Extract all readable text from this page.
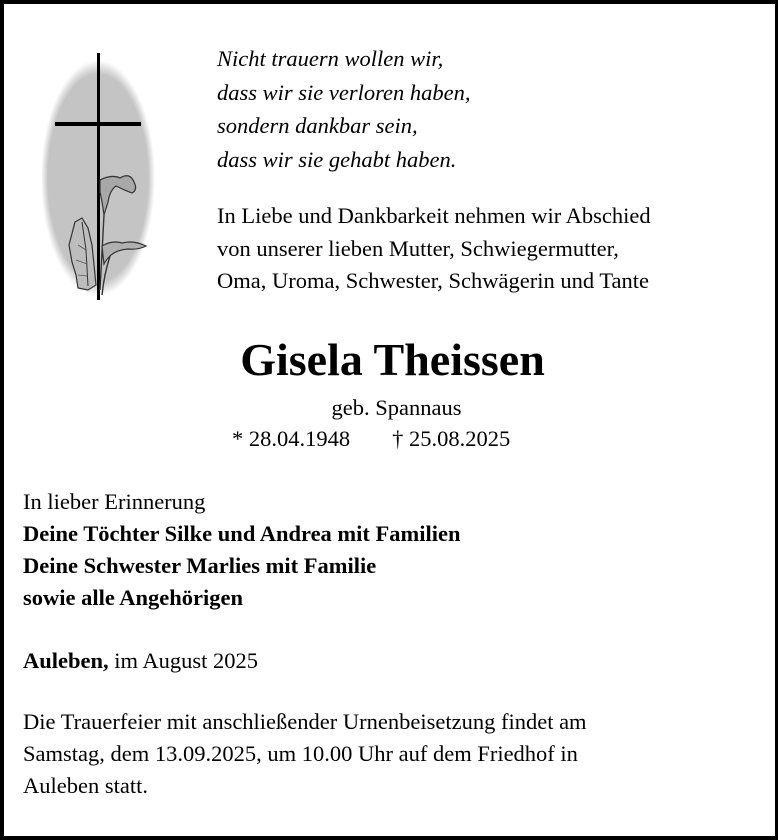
Nicht trauern wollen wir,
dass wir sie verloren haben,
sondern dankbar sein,
dass wir sie gehabt haben.
In Liebe und Dankbarkeit nehmen wir Abschied
von unserer lieben Mutter, Schwiegermutter,
Oma, Uroma, Schwester, Schwägerin und Tante
Gisela Theissen
geb. Spannaus
* 28.04.1948 † 25.08.2025
In lieber Erinnerung
Deine Töchter Silke und Andrea mit Familien
Deine Schwester Marlies mit Familie
sowie alle Angehörigen
Auleben, im August 2025
Die Trauerfeier mit anschließender Urnenbeisetzung findet am
Samstag, dem 13.09.2025, um 10.00 Uhr auf dem Friedhof in
Auleben statt.
